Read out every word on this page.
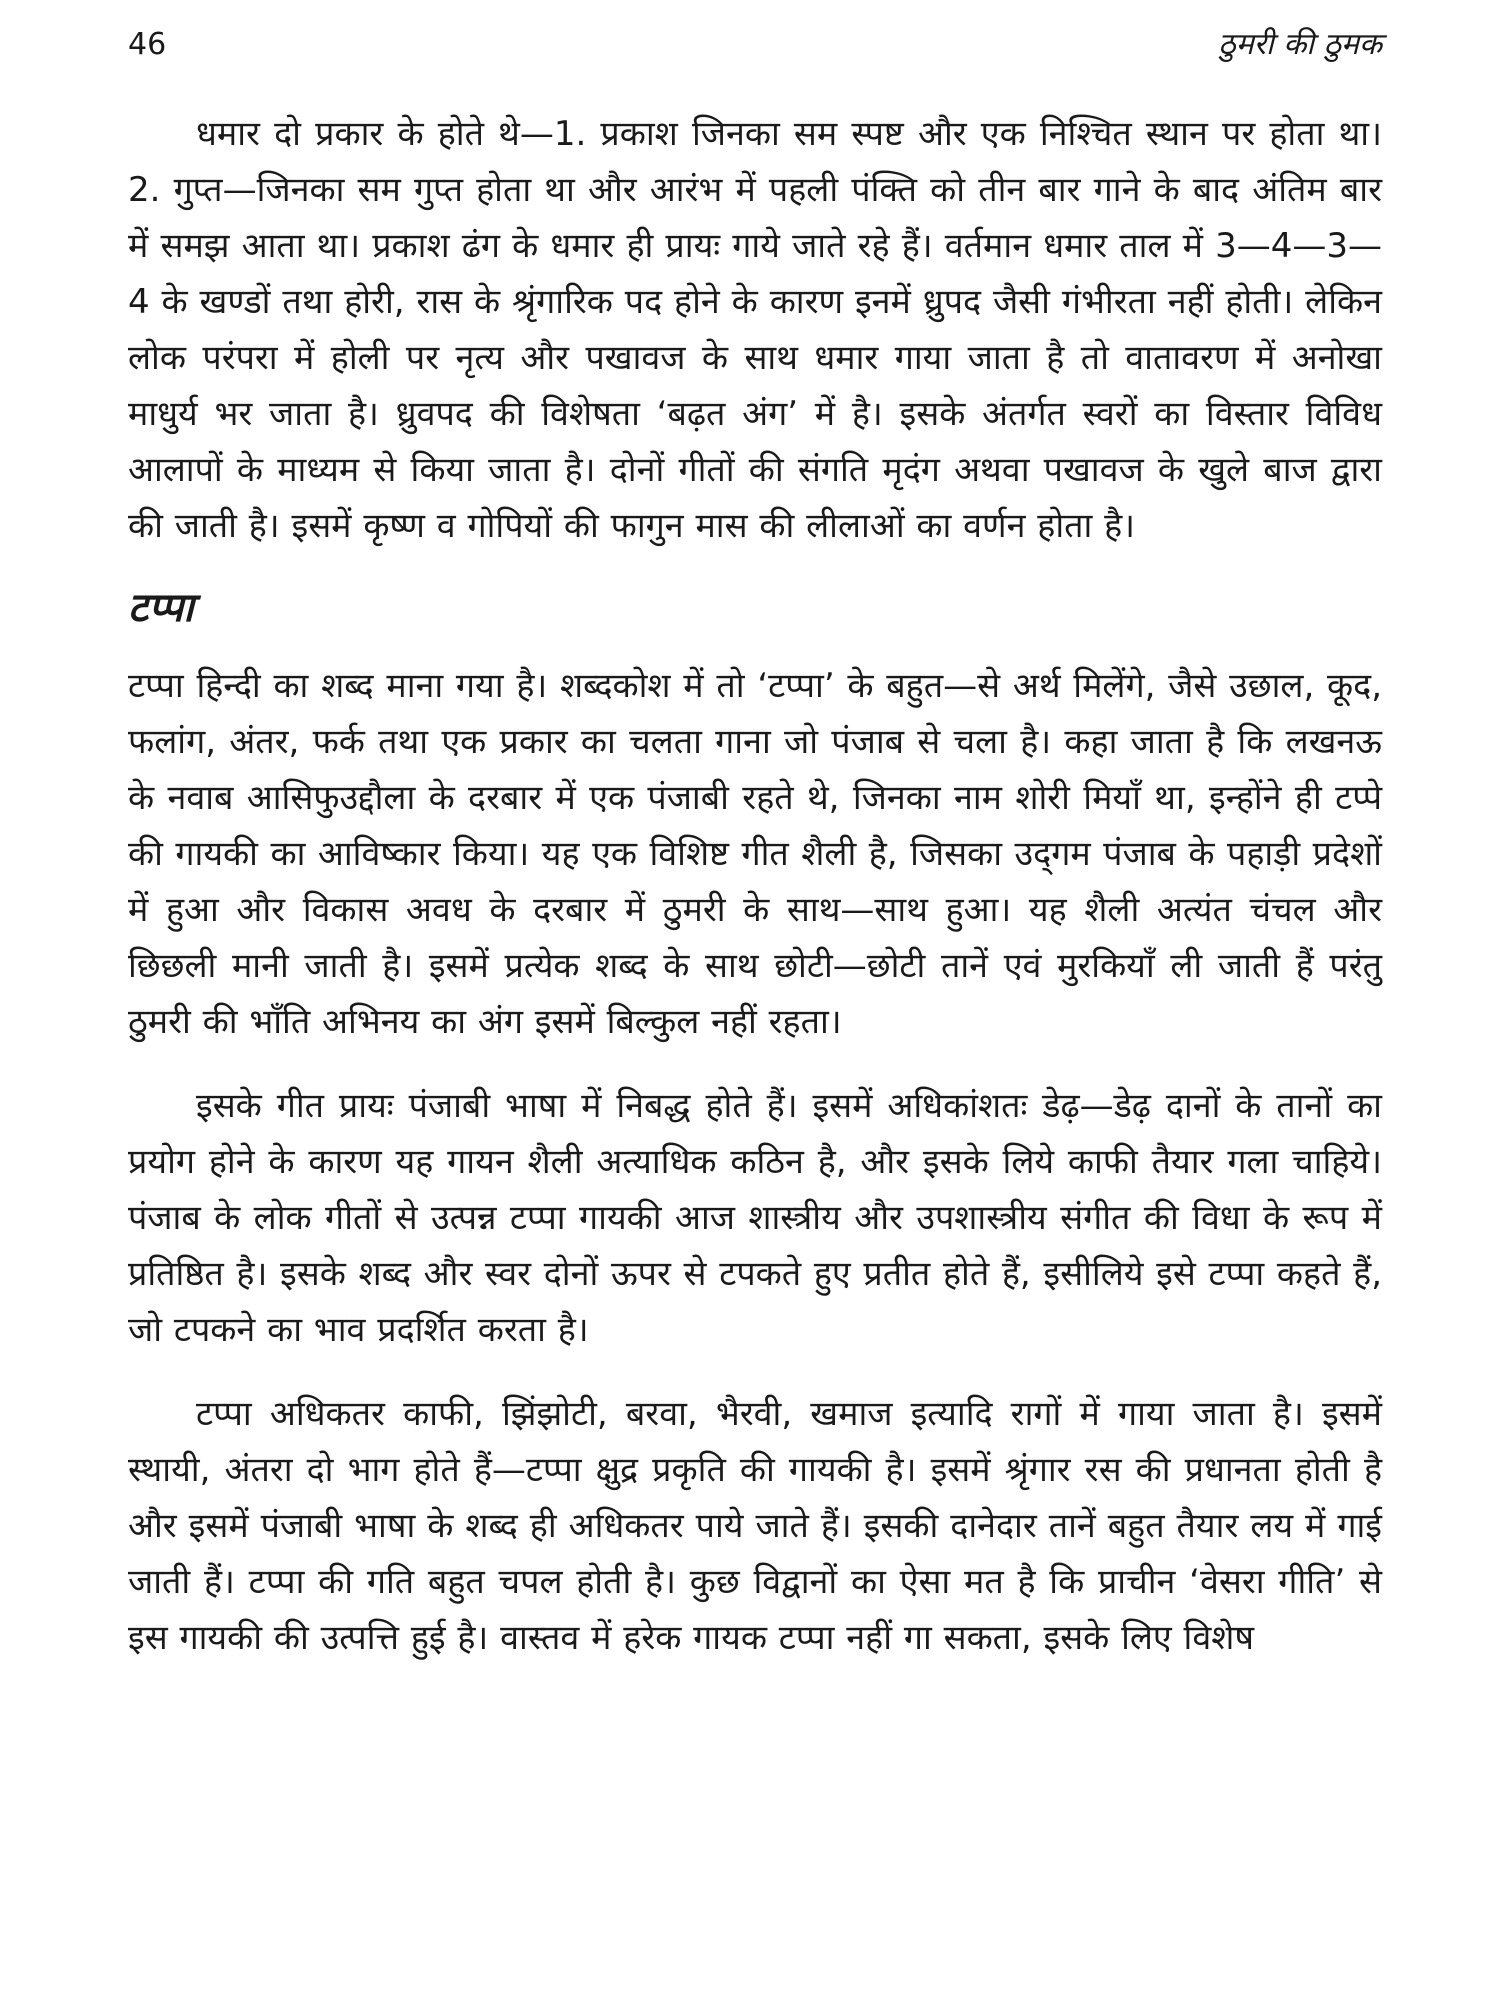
46	ठुमरी की ठुमक

धमार दो प्रकार के होते थे—1. प्रकाश जिनका सम स्पष्ट और एक निश्चित स्थान पर होता था। 2. गुप्त—जिनका सम गुप्त होता था और आरंभ में पहली पंक्ति को तीन बार गाने के बाद अंतिम बार में समझ आता था। प्रकाश ढंग के धमार ही प्रायः गाये जाते रहे हैं। वर्तमान धमार ताल में 3—4—3—4 के खण्डों तथा होरी, रास के श्रृंगारिक पद होने के कारण इनमें ध्रुपद जैसी गंभीरता नहीं होती। लेकिन लोक परंपरा में होली पर नृत्य और पखावज के साथ धमार गाया जाता है तो वातावरण में अनोखा माधुर्य भर जाता है। ध्रुवपद की विशेषता ‘बढ़त अंग’ में है। इसके अंतर्गत स्वरों का विस्तार विविध आलापों के माध्यम से किया जाता है। दोनों गीतों की संगति मृदंग अथवा पखावज के खुले बाज द्वारा की जाती है। इसमें कृष्ण व गोपियों की फागुन मास की लीलाओं का वर्णन होता है।

टप्पा

टप्पा हिन्दी का शब्द माना गया है। शब्दकोश में तो ‘टप्पा’ के बहुत—से अर्थ मिलेंगे, जैसे उछाल, कूद, फलांग, अंतर, फर्क तथा एक प्रकार का चलता गाना जो पंजाब से चला है। कहा जाता है कि लखनऊ के नवाब आसिफुउद्दौला के दरबार में एक पंजाबी रहते थे, जिनका नाम शोरी मियाँ था, इन्होंने ही टप्पे की गायकी का आविष्कार किया। यह एक विशिष्ट गीत शैली है, जिसका उद्‌गम पंजाब के पहाड़ी प्रदेशों में हुआ और विकास अवध के दरबार में ठुमरी के साथ—साथ हुआ। यह शैली अत्यंत चंचल और छिछली मानी जाती है। इसमें प्रत्येक शब्द के साथ छोटी—छोटी तानें एवं मुरकियाँ ली जाती हैं परंतु ठुमरी की भाँति अभिनय का अंग इसमें बिल्कुल नहीं रहता।

इसके गीत प्रायः पंजाबी भाषा में निबद्ध होते हैं। इसमें अधिकांशतः डेढ़—डेढ़ दानों के तानों का प्रयोग होने के कारण यह गायन शैली अत्याधिक कठिन है, और इसके लिये काफी तैयार गला चाहिये। पंजाब के लोक गीतों से उत्पन्न टप्पा गायकी आज शास्त्रीय और उपशास्त्रीय संगीत की विधा के रूप में प्रतिष्ठित है। इसके शब्द और स्वर दोनों ऊपर से टपकते हुए प्रतीत होते हैं, इसीलिये इसे टप्पा कहते हैं, जो टपकने का भाव प्रदर्शित करता है।

टप्पा अधिकतर काफी, झिंझोटी, बरवा, भैरवी, खमाज इत्यादि रागों में गाया जाता है। इसमें स्थायी, अंतरा दो भाग होते हैं—टप्पा क्षुद्र प्रकृति की गायकी है। इसमें श्रृंगार रस की प्रधानता होती है और इसमें पंजाबी भाषा के शब्द ही अधिकतर पाये जाते हैं। इसकी दानेदार तानें बहुत तैयार लय में गाई जाती हैं। टप्पा की गति बहुत चपल होती है। कुछ विद्वानों का ऐसा मत है कि प्राचीन ‘वेसरा गीति’ से इस गायकी की उत्पत्ति हुई है। वास्तव में हरेक गायक टप्पा नहीं गा सकता, इसके लिए विशेष
